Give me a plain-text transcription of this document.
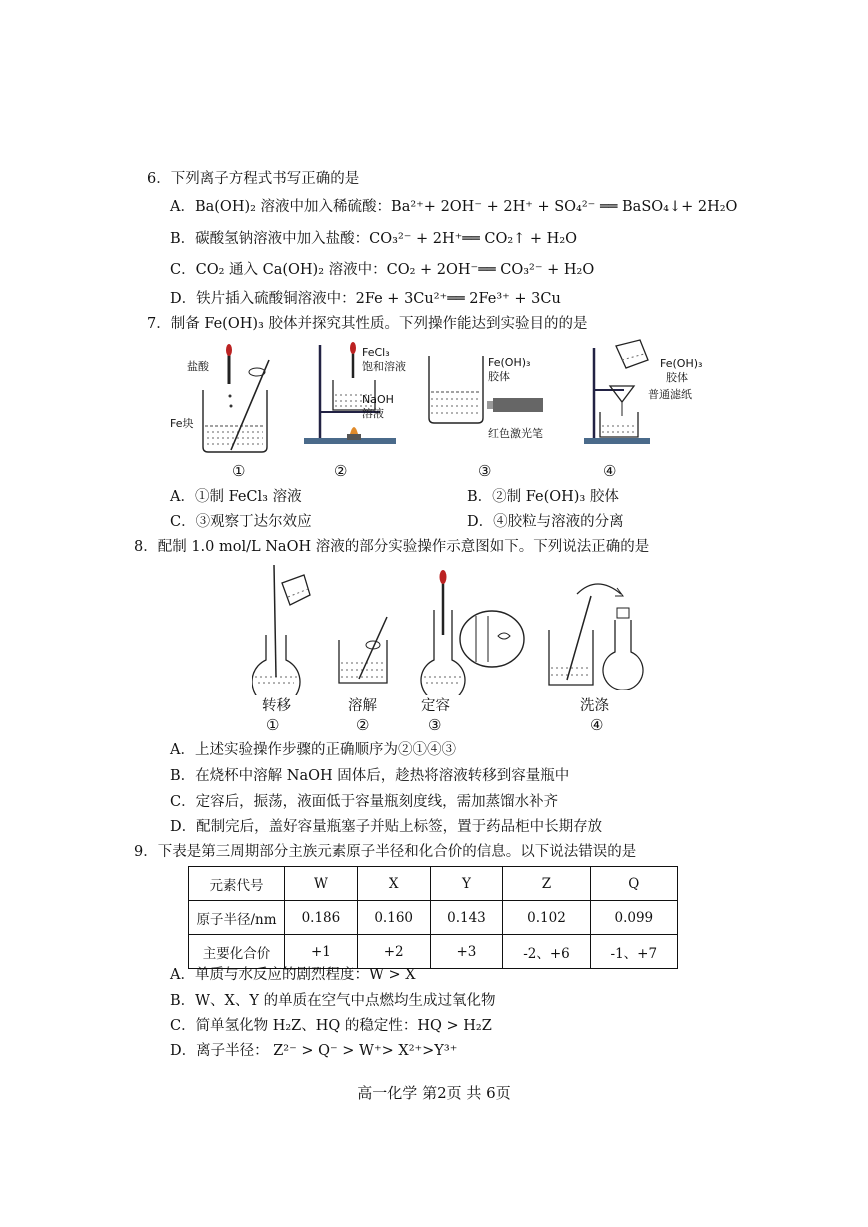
6．下列离子方程式书写正确的是
A．Ba(OH)₂ 溶液中加入稀硫酸：Ba²⁺+ 2OH⁻ + 2H⁺ + SO₄²⁻ ══ BaSO₄↓+ 2H₂O
B．碳酸氢钠溶液中加入盐酸：CO₃²⁻ + 2H⁺══ CO₂↑ + H₂O
C．CO₂ 通入 Ca(OH)₂ 溶液中：CO₂ + 2OH⁻══ CO₃²⁻ + H₂O
D．铁片插入硫酸铜溶液中：2Fe + 3Cu²⁺══ 2Fe³⁺ + 3Cu
7．制备 Fe(OH)₃ 胶体并探究其性质。下列操作能达到实验目的的是
盐酸
Fe块
FeCl₃
饱和溶液
NaOH
溶液
Fe(OH)₃
胶体
红色激光笔
Fe(OH)₃
胶体
普通滤纸
①	②	③	④
A．①制 FeCl₃ 溶液	B．②制 Fe(OH)₃ 胶体
C．③观察丁达尔效应	D．④胶粒与溶液的分离
8．配制 1.0 mol/L NaOH 溶液的部分实验操作示意图如下。下列说法正确的是
转移	溶解	定容	洗涤
①	②	③	④
A．上述实验操作步骤的正确顺序为②①④③
B．在烧杯中溶解 NaOH 固体后，趁热将溶液转移到容量瓶中
C．定容后，振荡，液面低于容量瓶刻度线，需加蒸馏水补齐
D．配制完后，盖好容量瓶塞子并贴上标签，置于药品柜中长期存放
9．下表是第三周期部分主族元素原子半径和化合价的信息。以下说法错误的是
元素代号	W	X	Y	Z	Q
原子半径/nm	0.186	0.160	0.143	0.102	0.099
主要化合价	+1	+2	+3	-2、+6	-1、+7
A．单质与水反应的剧烈程度：W > X
B．W、X、Y 的单质在空气中点燃均生成过氧化物
C．简单氢化物 H₂Z、HQ 的稳定性：HQ > H₂Z
D．离子半径： Z²⁻ > Q⁻ > W⁺> X²⁺>Y³⁺
高一化学 第2页 共 6页
